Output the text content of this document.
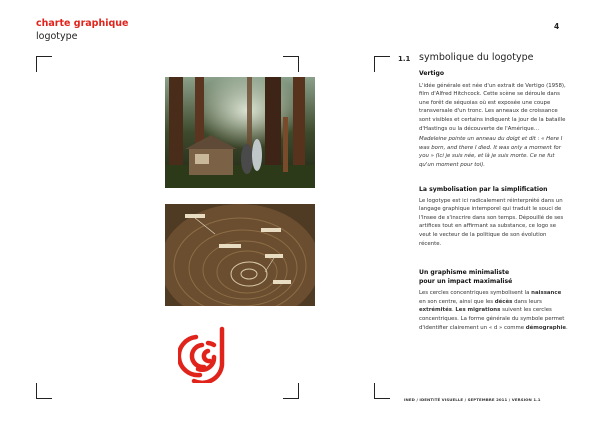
charte graphique
logotype
4
1.1 symbolique du logotype
Vertigo

L'idée générale est née d'un extrait de Vertigo (1958), film d'Alfred Hitchcock. Cette scène se déroule dans une forêt de séquoias où est exposée une coupe transversale d'un tronc. Les anneaux de croissance sont visibles et certains indiquent la jour de la bataille d'Hastings ou la découverte de l'Amérique…

Madeleine pointe un anneau du doigt et dit : « Here I was born, and there I died. It was only a moment for you » (Ici je suis née, et là je suis morte. Ce ne fut qu'un moment pour toi).

La symbolisation par la simplification

Le logotype est ici radicalement réinterprété dans un langage graphique intemporel qui traduit le souci de l'Insee de s'inscrire dans son temps. Dépouillé de ses artifices tout en affirmant sa substance, ce logo se veut le vecteur de la politique de son évolution récente.

Un graphisme minimaliste
pour un impact maximalisé

Les cercles concentriques symbolisent la naissance en son centre, ainsi que les décès dans leurs extrémités. Les migrations suivent les cercles concentriques. La forme générale du symbole permet d'identifier clairement un « d » comme démographie.

INED / IDENTITÉ VISUELLE / SEPTEMBRE 2011 / VERSION 1.1
